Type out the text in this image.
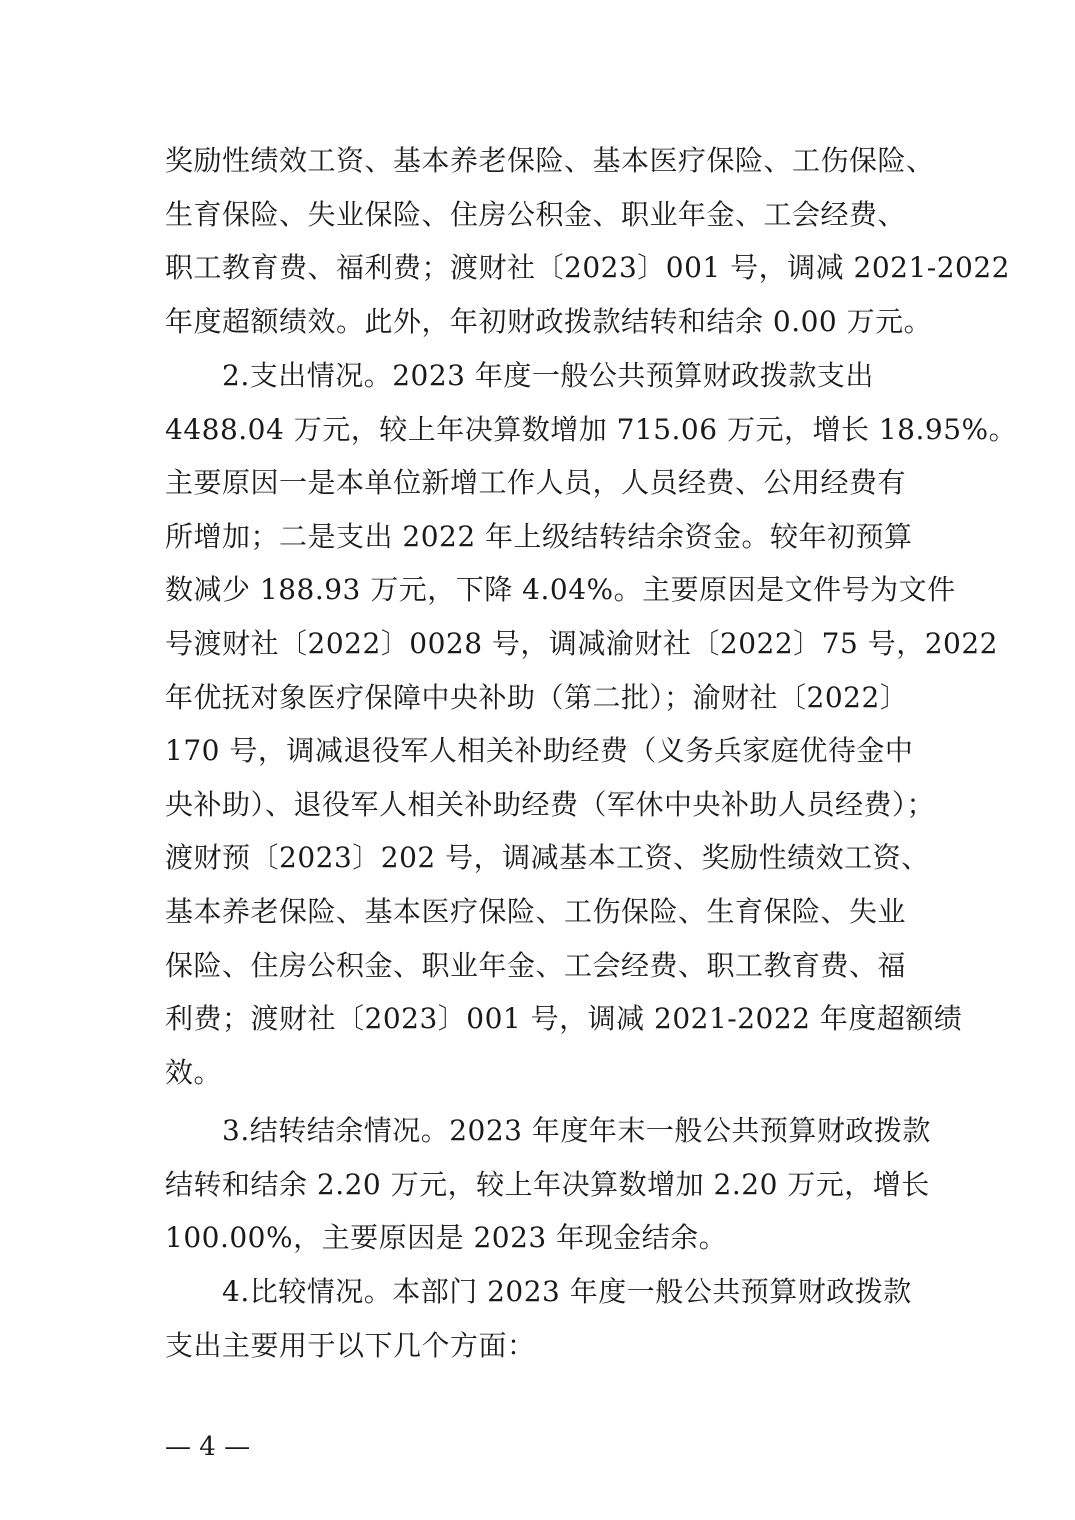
奖励性绩效工资、基本养老保险、基本医疗保险、工伤保险、
生育保险、失业保险、住房公积金、职业年金、工会经费、
职工教育费、福利费；渡财社〔2023〕001 号，调减 2021-2022
年度超额绩效。此外，年初财政拨款结转和结余 0.00 万元。
　　2.支出情况。2023 年度一般公共预算财政拨款支出
4488.04 万元，较上年决算数增加 715.06 万元，增长 18.95%。
主要原因一是本单位新增工作人员，人员经费、公用经费有
所增加；二是支出 2022 年上级结转结余资金。较年初预算
数减少 188.93 万元，下降 4.04%。主要原因是文件号为文件
号渡财社〔2022〕0028 号，调减渝财社〔2022〕75 号，2022
年优抚对象医疗保障中央补助（第二批）；渝财社〔2022〕
170 号，调减退役军人相关补助经费（义务兵家庭优待金中
央补助）、退役军人相关补助经费（军休中央补助人员经费）；
渡财预〔2023〕202 号，调减基本工资、奖励性绩效工资、
基本养老保险、基本医疗保险、工伤保险、生育保险、失业
保险、住房公积金、职业年金、工会经费、职工教育费、福
利费；渡财社〔2023〕001 号，调减 2021-2022 年度超额绩
效。
　　3.结转结余情况。2023 年度年末一般公共预算财政拨款
结转和结余 2.20 万元，较上年决算数增加 2.20 万元，增长
100.00%，主要原因是 2023 年现金结余。
　　4.比较情况。本部门 2023 年度一般公共预算财政拨款
支出主要用于以下几个方面：
— 4 —
